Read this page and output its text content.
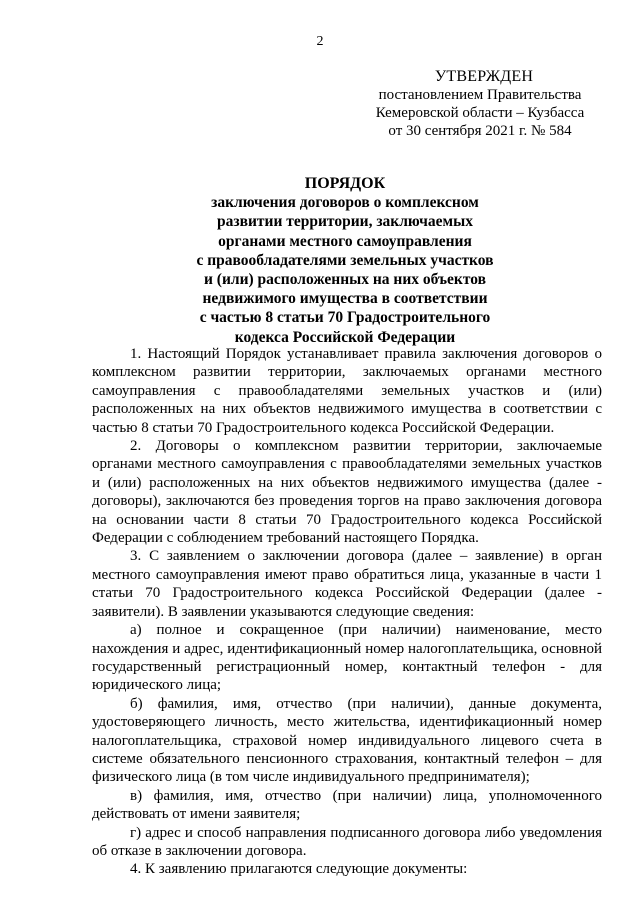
2
УТВЕРЖДЕН
постановлением Правительства
Кемеровской области – Кузбасса
от 30 сентября 2021 г. № 584
ПОРЯДОК
заключения договоров о комплексном
развитии территории, заключаемых
органами местного самоуправления
с правообладателями земельных участков
и (или) расположенных на них объектов
недвижимого имущества в соответствии
с частью 8 статьи 70 Градостроительного
кодекса Российской Федерации

1. Настоящий Порядок устанавливает правила заключения договоров о комплексном развитии территории, заключаемых органами местного самоуправления с правообладателями земельных участков и (или) расположенных на них объектов недвижимого имущества в соответствии с частью 8 статьи 70 Градостроительного кодекса Российской Федерации.

2. Договоры о комплексном развитии территории, заключаемые органами местного самоуправления с правообладателями земельных участков и (или) расположенных на них объектов недвижимого имущества (далее - договоры), заключаются без проведения торгов на право заключения договора на основании части 8 статьи 70 Градостроительного кодекса Российской Федерации с соблюдением требований настоящего Порядка.

3. С заявлением о заключении договора (далее – заявление) в орган местного самоуправления имеют право обратиться лица, указанные в части 1 статьи 70 Градостроительного кодекса Российской Федерации (далее - заявители). В заявлении указываются следующие сведения:

а) полное и сокращенное (при наличии) наименование, место нахождения и адрес, идентификационный номер налогоплательщика, основной государственный регистрационный номер, контактный телефон - для юридического лица;

б) фамилия, имя, отчество (при наличии), данные документа, удостоверяющего личность, место жительства, идентификационный номер налогоплательщика, страховой номер индивидуального лицевого счета в системе обязательного пенсионного страхования, контактный телефон – для физического лица (в том числе индивидуального предпринимателя);

в) фамилия, имя, отчество (при наличии) лица, уполномоченного действовать от имени заявителя;

г) адрес и способ направления подписанного договора либо уведомления об отказе в заключении договора.

4. К заявлению прилагаются следующие документы:
